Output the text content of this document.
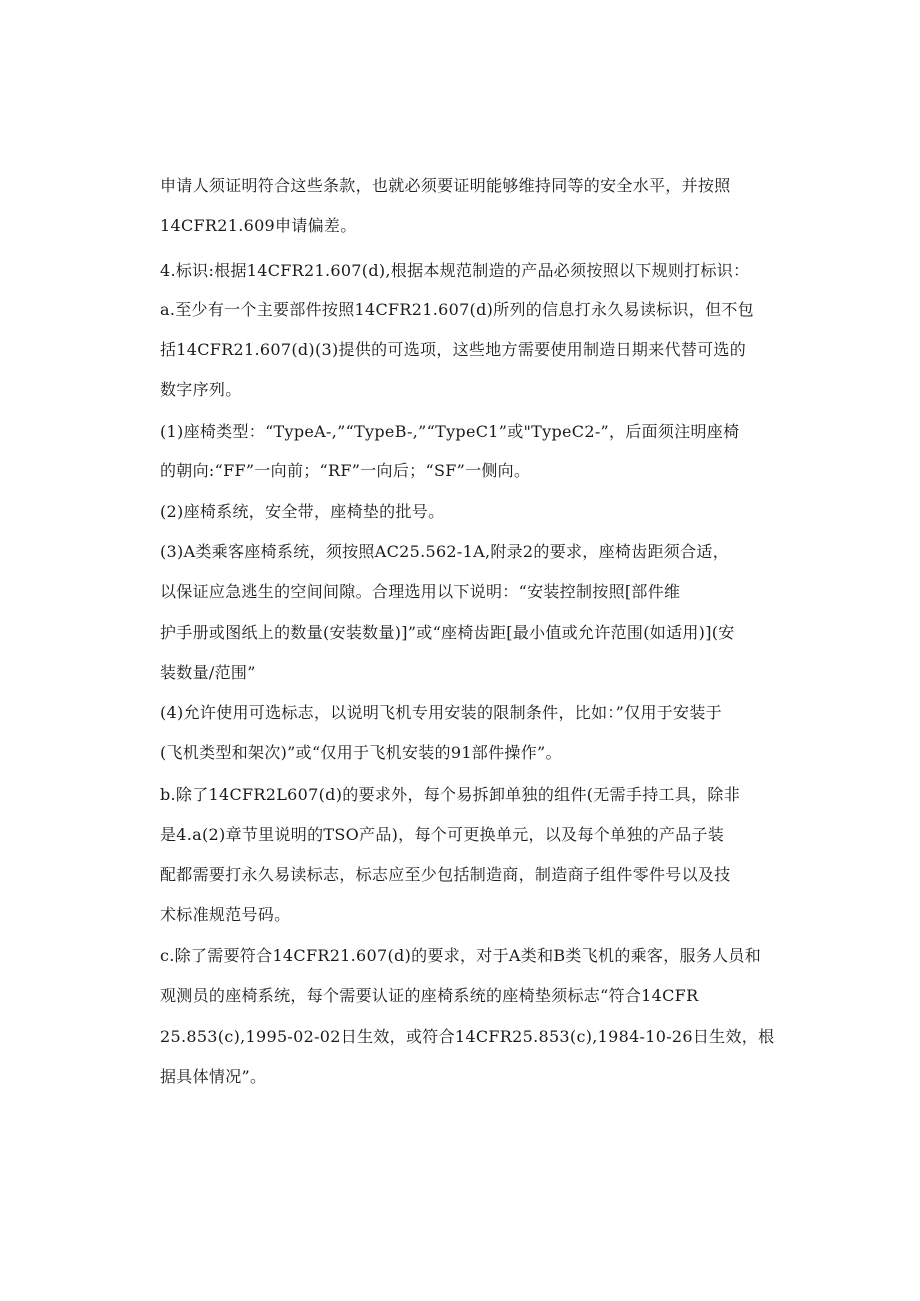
申请人须证明符合这些条款，也就必须要证明能够维持同等的安全水平，并按照
14CFR21.609申请偏差。
4.标识:根据14CFR21.607(d),根据本规范制造的产品必须按照以下规则打标识：
a.至少有一个主要部件按照14CFR21.607(d)所列的信息打永久易读标识，但不包
括14CFR21.607(d)(3)提供的可选项，这些地方需要使用制造日期来代替可选的
数字序列。
(1)座椅类型：“TypeA-,”“TypeB-,”“TypeC1”或"TypeC2-”，后面须注明座椅
的朝向:“FF”一向前；“RF”一向后；“SF”一侧向。
(2)座椅系统，安全带，座椅垫的批号。
(3)A类乘客座椅系统，须按照AC25.562-1A,附录2的要求，座椅齿距须合适，
以保证应急逃生的空间间隙。合理选用以下说明：“安装控制按照[部件维
护手册或图纸上的数量(安装数量)]”或“座椅齿距[最小值或允许范围(如适用)](安
装数量/范围”
(4)允许使用可选标志，以说明飞机专用安装的限制条件，比如：”仅用于安装于
(飞机类型和架次)”或“仅用于飞机安装的91部件操作”。
b.除了14CFR2L607(d)的要求外，每个易拆卸单独的组件(无需手持工具，除非
是4.a(2)章节里说明的TSO产品)，每个可更换单元，以及每个单独的产品子装
配都需要打永久易读标志，标志应至少包括制造商，制造商子组件零件号以及技
术标准规范号码。
c.除了需要符合14CFR21.607(d)的要求，对于A类和B类飞机的乘客，服务人员和
观测员的座椅系统，每个需要认证的座椅系统的座椅垫须标志“符合14CFR
25.853(c),1995-02-02日生效，或符合14CFR25.853(c),1984-10-26日生效，根
据具体情况”。
